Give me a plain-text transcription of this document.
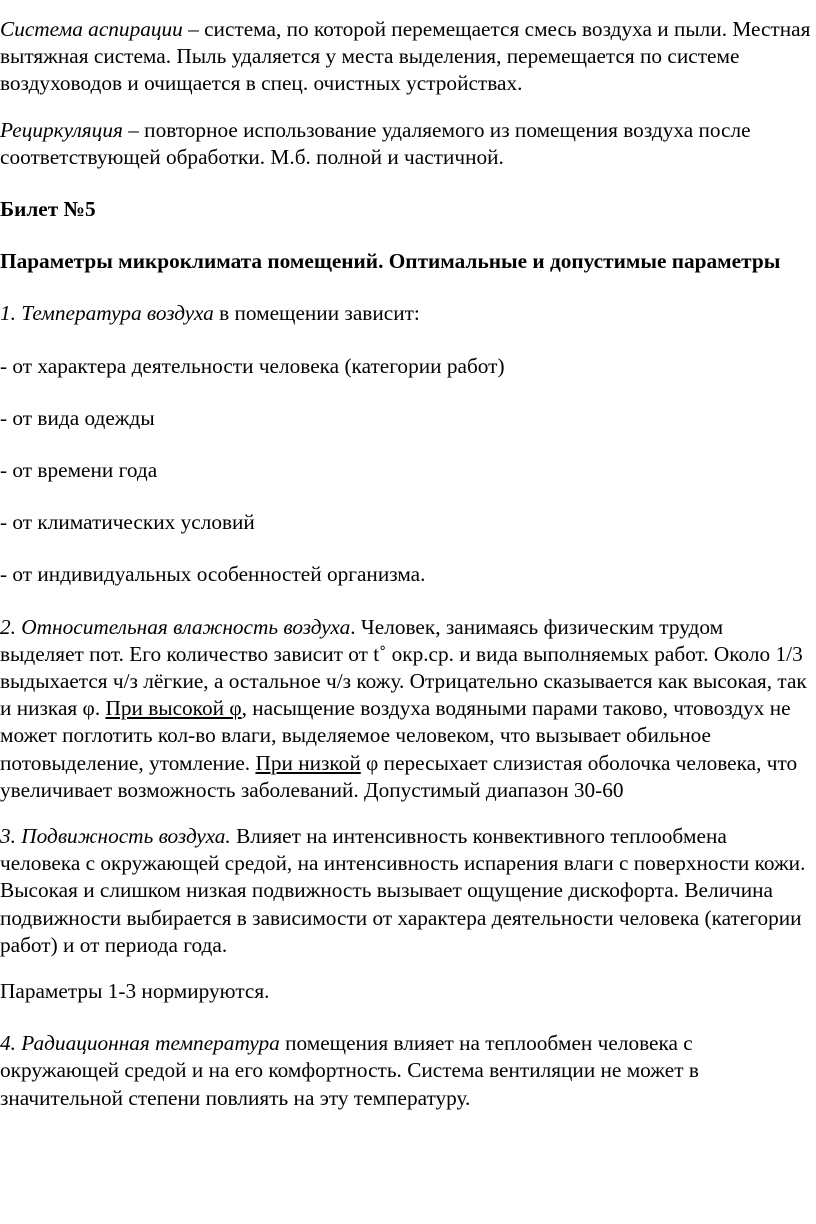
Система аспирации – система, по которой перемещается смесь воздуха и пыли. Местная вытяжная система. Пыль удаляется у места выделения, перемещается по системе воздуховодов и очищается в спец. очистных устройствах.

Рециркуляция – повторное использование удаляемого из помещения воздуха после соответствующей обработки. М.б. полной и частичной.

Билет №5

Параметры микроклимата помещений. Оптимальные и допустимые параметры

1. Температура воздуха в помещении зависит:

- от характера деятельности человека (категории работ)

- от вида одежды

- от времени года

- от климатических условий

- от индивидуальных особенностей организма.

2. Относительная влажность воздуха. Человек, занимаясь физическим трудом выделяет пот. Его количество зависит от t˚ окр.ср. и вида выполняемых работ. Около 1/3 выдыхается ч/з лёгкие, а остальное ч/з кожу. Отрицательно сказывается как высокая, так и низкая φ. При высокой φ, насыщение воздуха водяными парами таково, чтовоздух не может поглотить кол-во влаги, выделяемое человеком, что вызывает обильное потовыделение, утомление. При низкой φ пересыхает слизистая оболочка человека, что увеличивает возможность заболеваний. Допустимый диапазон 30-60

3. Подвижность воздуха. Влияет на интенсивность конвективного теплообмена человека с окружающей средой, на интенсивность испарения влаги с поверхности кожи. Высокая и слишком низкая подвижность вызывает ощущение дискофорта. Величина подвижности выбирается в зависимости от характера деятельности человека (категории работ) и от периода года.

Параметры 1-3 нормируются.

4. Радиационная температура помещения влияет на теплообмен человека с окружающей средой и на его комфортность. Система вентиляции не может в значительной степени повлиять на эту температуру.
